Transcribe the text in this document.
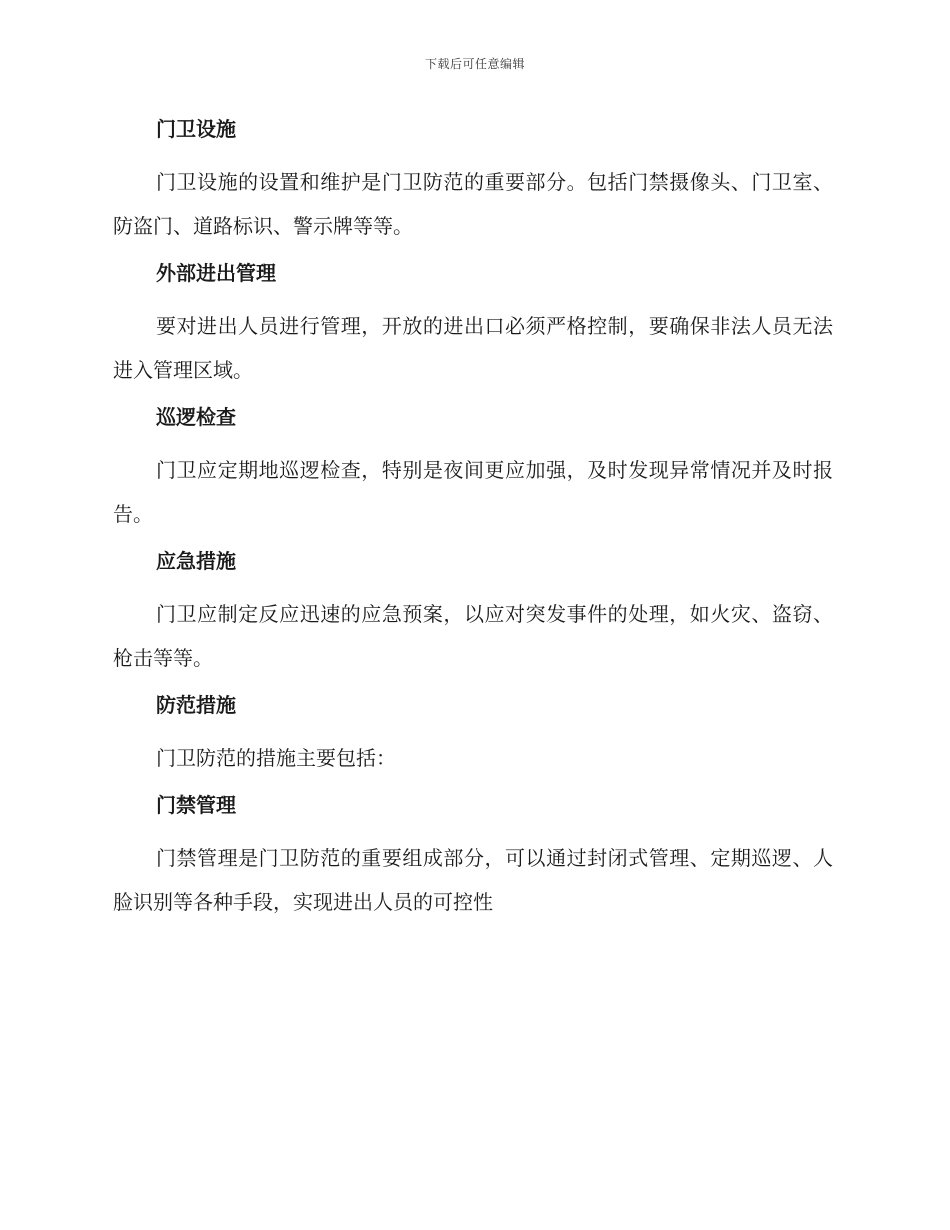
下载后可任意编辑
门卫设施

门卫设施的设置和维护是门卫防范的重要部分。包括门禁摄像头、门卫室、防盗门、道路标识、警示牌等等。

外部进出管理

要对进出人员进行管理，开放的进出口必须严格控制，要确保非法人员无法进入管理区域。

巡逻检查

门卫应定期地巡逻检查，特别是夜间更应加强，及时发现异常情况并及时报告。

应急措施

门卫应制定反应迅速的应急预案，以应对突发事件的处理，如火灾、盗窃、枪击等等。

防范措施

门卫防范的措施主要包括：

门禁管理

门禁管理是门卫防范的重要组成部分，可以通过封闭式管理、定期巡逻、人脸识别等各种手段，实现进出人员的可控性
